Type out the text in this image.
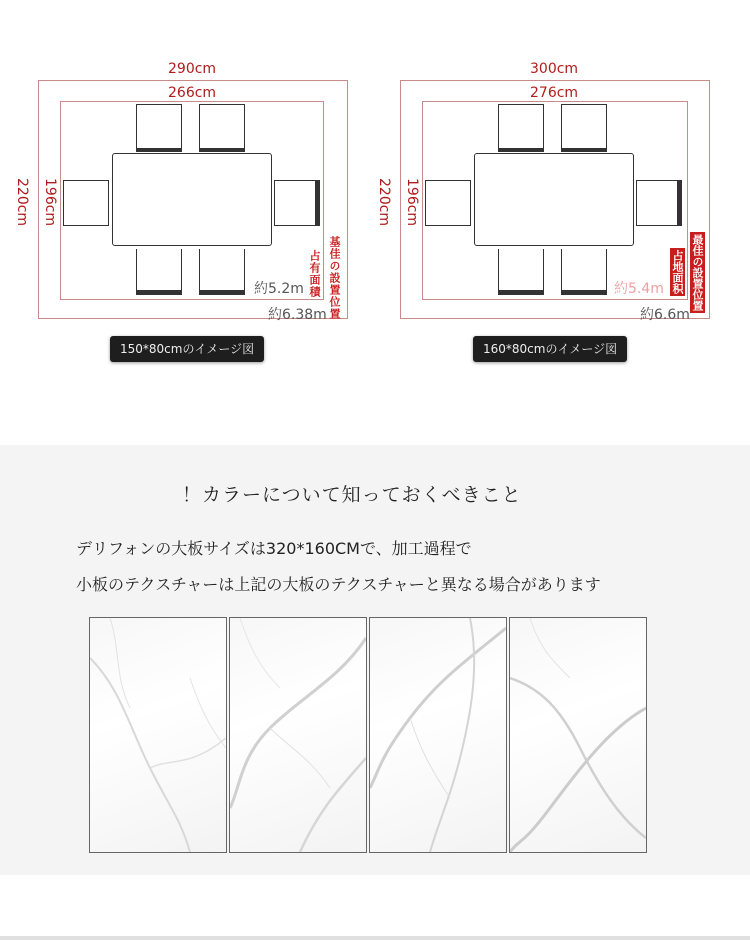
290cm
266cm
220cm 196cm
基佳の設置位置
占有面積
約5.2m
約6.38m
150*80cmのイメージ図
300cm
276cm
220cm 196cm
最佳の設置位置
占地面积
約5.4m
約6.6m
160*80cmのイメージ図
！カラーについて知っておくべきこと
デリフォンの大板サイズは320*160CMで、加工過程で
小板のテクスチャーは上記の大板のテクスチャーと異なる場合があります
